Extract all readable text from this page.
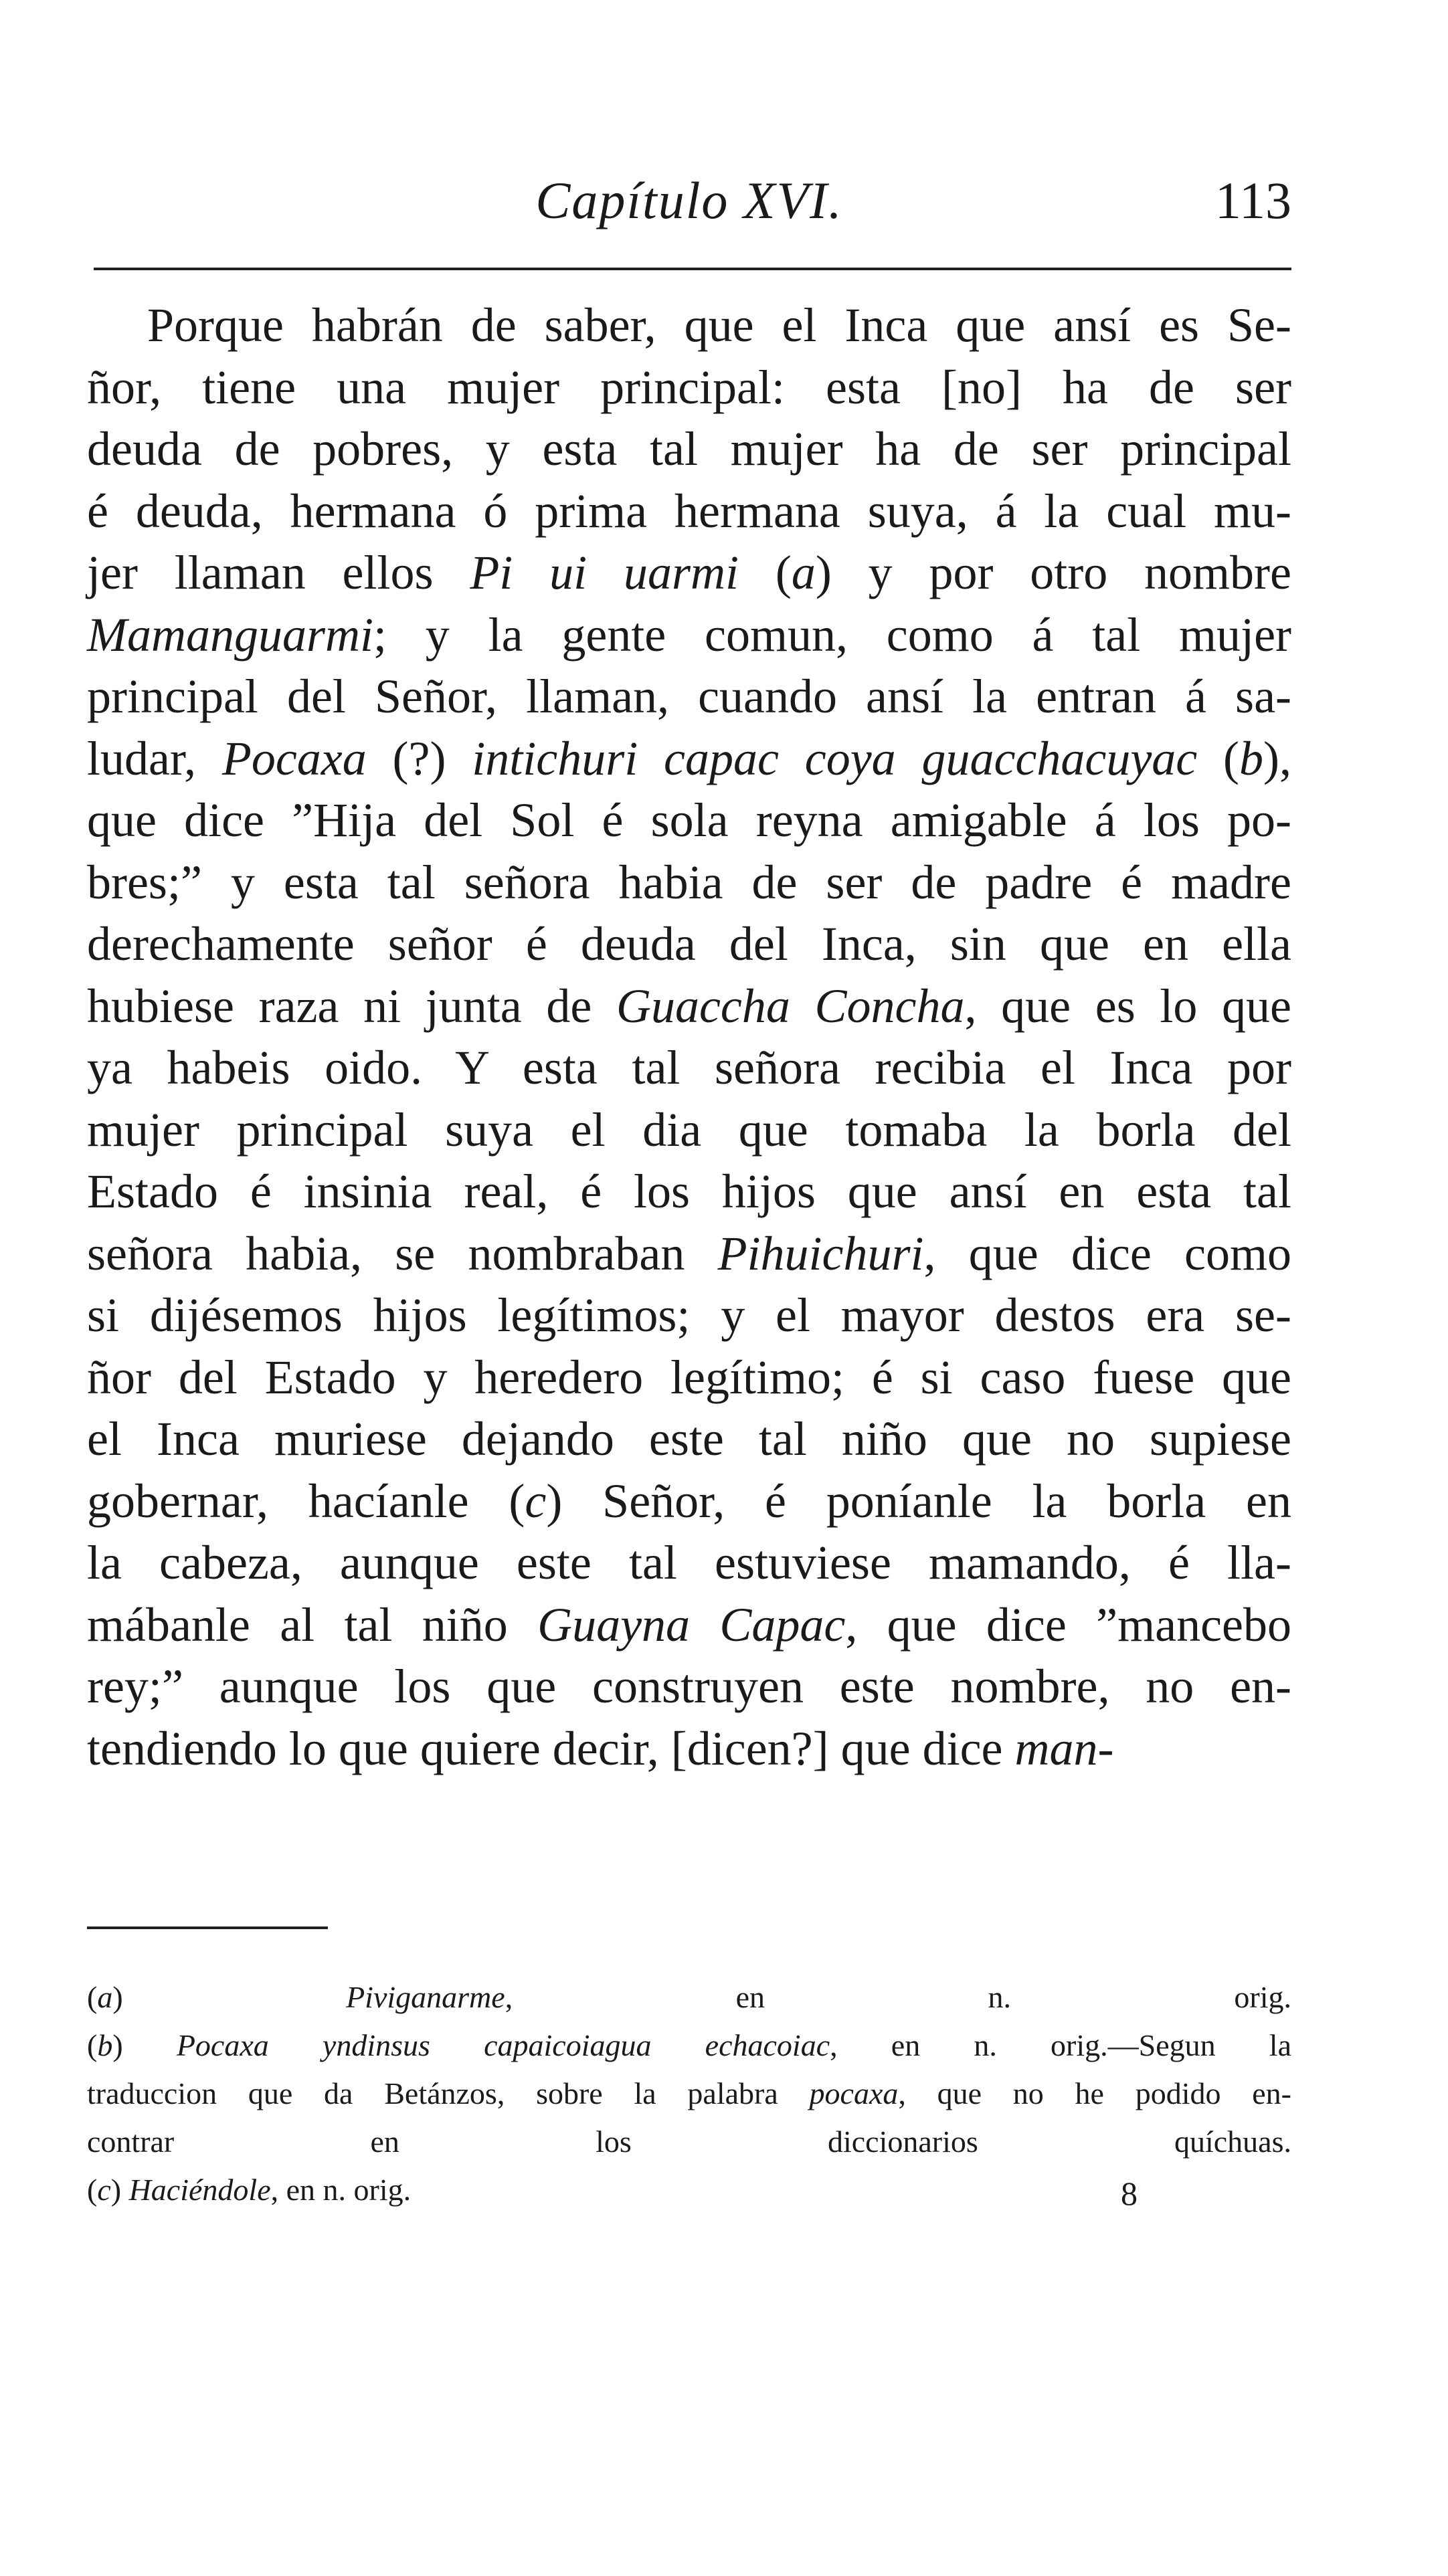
Capítulo XVI.	113
Porque habrán de saber, que el Inca que ansí es Se-
ñor, tiene una mujer principal: esta [no] ha de ser
deuda de pobres, y esta tal mujer ha de ser principal
é deuda, hermana ó prima hermana suya, á la cual mu-
jer llaman ellos Pi ui uarmi (a) y por otro nombre
Mamanguarmi; y la gente comun, como á tal mujer
principal del Señor, llaman, cuando ansí la entran á sa-
ludar, Pocaxa (?) intichuri capac coya guacchacuyac (b),
que dice ”Hija del Sol é sola reyna amigable á los po-
bres;” y esta tal señora habia de ser de padre é madre
derechamente señor é deuda del Inca, sin que en ella
hubiese raza ni junta de Guaccha Concha, que es lo que
ya habeis oido. Y esta tal señora recibia el Inca por
mujer principal suya el dia que tomaba la borla del
Estado é insinia real, é los hijos que ansí en esta tal
señora habia, se nombraban Pihuichuri, que dice como
si dijésemos hijos legítimos; y el mayor destos era se-
ñor del Estado y heredero legítimo; é si caso fuese que
el Inca muriese dejando este tal niño que no supiese
gobernar, hacíanle (c) Señor, é poníanle la borla en
la cabeza, aunque este tal estuviese mamando, é lla-
mábanle al tal niño Guayna Capac, que dice ”mancebo
rey;” aunque los que construyen este nombre, no en-
tendiendo lo que quiere decir, [dicen?] que dice man-
(a) Piviganarme, en n. orig.
(b) Pocaxa yndinsus capaicoiagua echacoiac, en n. orig.—Segun la
traduccion que da Betánzos, sobre la palabra pocaxa, que no he podido en-
contrar en los diccionarios quíchuas.
(c) Haciéndole, en n. orig.	8
